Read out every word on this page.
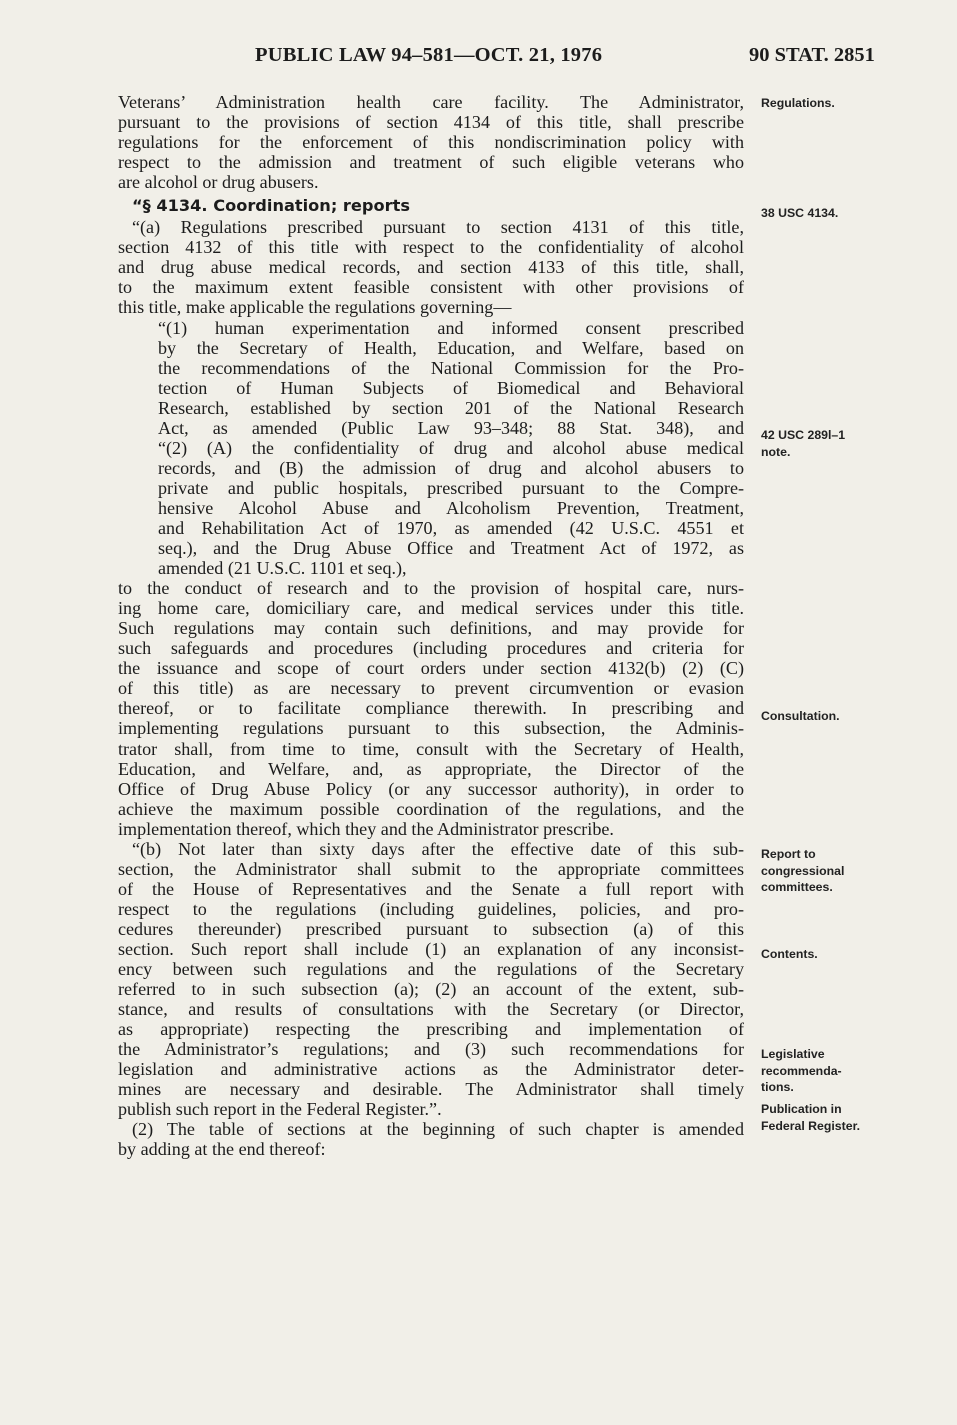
PUBLIC LAW 94–581—OCT. 21, 1976	90 STAT. 2851
Veterans’ Administration health care facility. The Administrator,
pursuant to the provisions of section 4134 of this title, shall prescribe
regulations for the enforcement of this nondiscrimination policy with
respect to the admission and treatment of such eligible veterans who
are alcohol or drug abusers.
“§ 4134. Coordination; reports
“(a) Regulations prescribed pursuant to section 4131 of this title,
section 4132 of this title with respect to the confidentiality of alcohol
and drug abuse medical records, and section 4133 of this title, shall,
to the maximum extent feasible consistent with other provisions of
this title, make applicable the regulations governing—
“(1) human experimentation and informed consent prescribed
by the Secretary of Health, Education, and Welfare, based on
the recommendations of the National Commission for the Pro-
tection of Human Subjects of Biomedical and Behavioral
Research, established by section 201 of the National Research
Act, as amended (Public Law 93–348; 88 Stat. 348), and
“(2) (A) the confidentiality of drug and alcohol abuse medical
records, and (B) the admission of drug and alcohol abusers to
private and public hospitals, prescribed pursuant to the Compre-
hensive Alcohol Abuse and Alcoholism Prevention, Treatment,
and Rehabilitation Act of 1970, as amended (42 U.S.C. 4551 et
seq.), and the Drug Abuse Office and Treatment Act of 1972, as
amended (21 U.S.C. 1101 et seq.),
to the conduct of research and to the provision of hospital care, nurs-
ing home care, domiciliary care, and medical services under this title.
Such regulations may contain such definitions, and may provide for
such safeguards and procedures (including procedures and criteria for
the issuance and scope of court orders under section 4132(b) (2) (C)
of this title) as are necessary to prevent circumvention or evasion
thereof, or to facilitate compliance therewith. In prescribing and
implementing regulations pursuant to this subsection, the Adminis-
trator shall, from time to time, consult with the Secretary of Health,
Education, and Welfare, and, as appropriate, the Director of the
Office of Drug Abuse Policy (or any successor authority), in order to
achieve the maximum possible coordination of the regulations, and the
implementation thereof, which they and the Administrator prescribe.
“(b) Not later than sixty days after the effective date of this sub-
section, the Administrator shall submit to the appropriate committees
of the House of Representatives and the Senate a full report with
respect to the regulations (including guidelines, policies, and pro-
cedures thereunder) prescribed pursuant to subsection (a) of this
section. Such report shall include (1) an explanation of any inconsist-
ency between such regulations and the regulations of the Secretary
referred to in such subsection (a); (2) an account of the extent, sub-
stance, and results of consultations with the Secretary (or Director,
as appropriate) respecting the prescribing and implementation of
the Administrator’s regulations; and (3) such recommendations for
legislation and administrative actions as the Administrator deter-
mines are necessary and desirable. The Administrator shall timely
publish such report in the Federal Register.”.
(2) The table of sections at the beginning of such chapter is amended
by adding at the end thereof:
Regulations.
38 USC 4134.
42 USC 289l–1
note.
Consultation.
Report to
congressional
committees.
Contents.
Legislative
recommenda-
tions.
Publication in
Federal Register.
